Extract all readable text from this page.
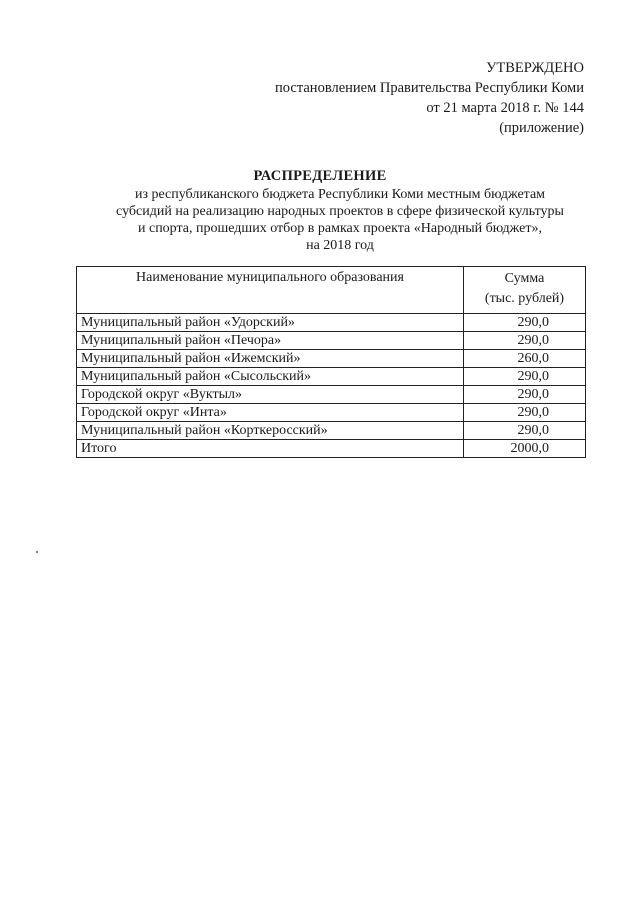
УТВЕРЖДЕНО
постановлением Правительства Республики Коми
от 21 марта 2018 г. № 144
(приложение)
РАСПРЕДЕЛЕНИЕ
из республиканского бюджета Республики Коми местным бюджетам
субсидий на реализацию народных проектов в сфере физической культуры
и спорта, прошедших отбор в рамках проекта «Народный бюджет»,
на 2018 год
Наименование муниципального образования	Сумма
(тыс. рублей)

Муниципальный район «Удорский»	290,0
Муниципальный район «Печора»	290,0
Муниципальный район «Ижемский»	260,0
Муниципальный район «Сысольский»	290,0
Городской округ «Вуктыл»	290,0
Городской округ «Инта»	290,0
Муниципальный район «Корткеросский»	290,0
Итого	2000,0
